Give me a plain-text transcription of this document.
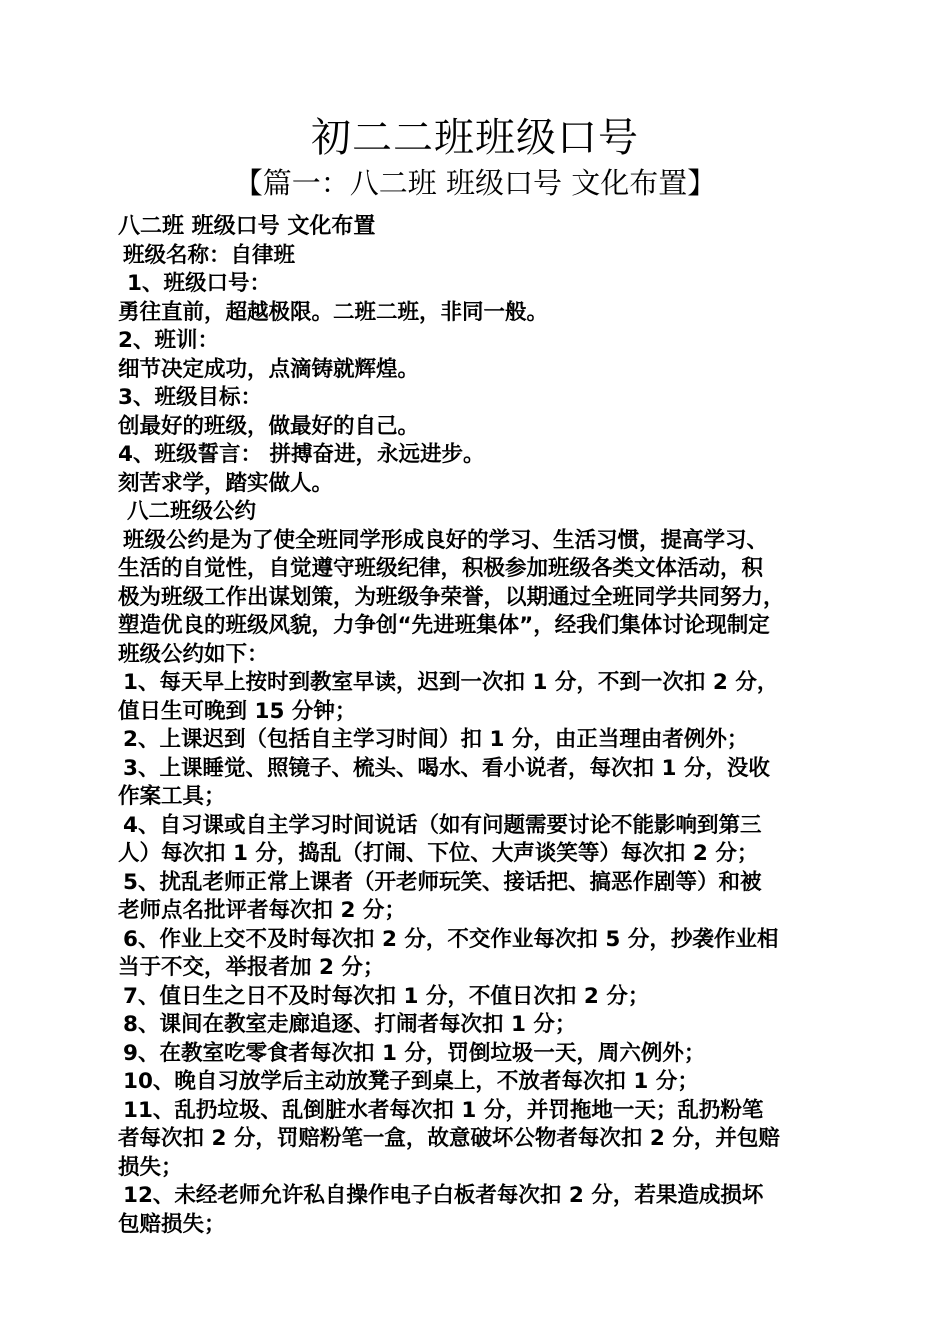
初二二班班级口号
【篇一：八二班 班级口号 文化布置】
八二班 班级口号 文化布置
班级名称：自律班
1、班级口号：
勇往直前，超越极限。二班二班，非同一般。
2、班训：
细节决定成功，点滴铸就辉煌。
3、班级目标：
创最好的班级，做最好的自己。
4、班级誓言： 拼搏奋进，永远进步。
刻苦求学，踏实做人。
八二班级公约
班级公约是为了使全班同学形成良好的学习、生活习惯，提高学习、
生活的自觉性，自觉遵守班级纪律，积极参加班级各类文体活动，积
极为班级工作出谋划策，为班级争荣誉，以期通过全班同学共同努力，
塑造优良的班级风貌，力争创“先进班集体”，经我们集体讨论现制定
班级公约如下：
1、每天早上按时到教室早读，迟到一次扣 1 分，不到一次扣 2 分，
值日生可晚到 15 分钟；
2、上课迟到（包括自主学习时间）扣 1 分，由正当理由者例外；
3、上课睡觉、照镜子、梳头、喝水、看小说者，每次扣 1 分，没收
作案工具；
4、自习课或自主学习时间说话（如有问题需要讨论不能影响到第三
人）每次扣 1 分，捣乱（打闹、下位、大声谈笑等）每次扣 2 分；
5、扰乱老师正常上课者（开老师玩笑、接话把、搞恶作剧等）和被
老师点名批评者每次扣 2 分；
6、作业上交不及时每次扣 2 分，不交作业每次扣 5 分，抄袭作业相
当于不交，举报者加 2 分；
7、值日生之日不及时每次扣 1 分，不值日次扣 2 分；
8、课间在教室走廊追逐、打闹者每次扣 1 分；
9、在教室吃零食者每次扣 1 分，罚倒垃圾一天，周六例外；
10、晚自习放学后主动放凳子到桌上，不放者每次扣 1 分；
11、乱扔垃圾、乱倒脏水者每次扣 1 分，并罚拖地一天；乱扔粉笔
者每次扣 2 分，罚赔粉笔一盒，故意破坏公物者每次扣 2 分，并包赔
损失；
12、未经老师允许私自操作电子白板者每次扣 2 分，若果造成损坏
包赔损失；
